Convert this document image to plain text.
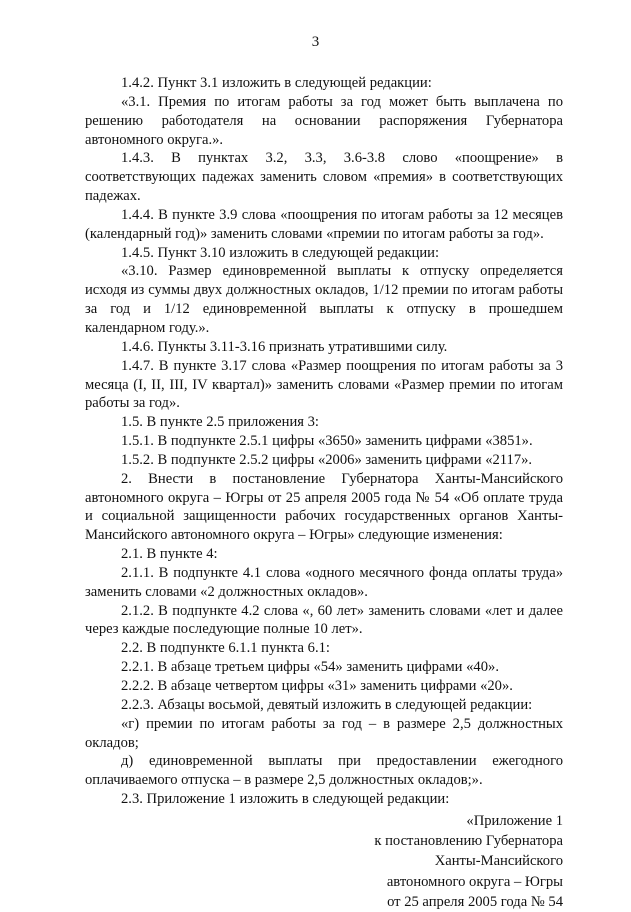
3

1.4.2. Пункт 3.1 изложить в следующей редакции:

«3.1. Премия по итогам работы за год может быть выплачена по решению работодателя на основании распоряжения Губернатора автономного округа.».

1.4.3. В пунктах 3.2, 3.3, 3.6-3.8 слово «поощрение» в соответствующих падежах заменить словом «премия» в соответствующих падежах.

1.4.4. В пункте 3.9 слова «поощрения по итогам работы за 12 месяцев (календарный год)» заменить словами «премии по итогам работы за год».

1.4.5. Пункт 3.10 изложить в следующей редакции:

«3.10. Размер единовременной выплаты к отпуску определяется исходя из суммы двух должностных окладов, 1/12 премии по итогам работы за год и 1/12 единовременной выплаты к отпуску в прошедшем календарном году.».

1.4.6. Пункты 3.11-3.16 признать утратившими силу.

1.4.7. В пункте 3.17 слова «Размер поощрения по итогам работы за 3 месяца (I, II, III, IV квартал)» заменить словами «Размер премии по итогам работы за год».

1.5. В пункте 2.5 приложения 3:

1.5.1. В подпункте 2.5.1 цифры «3650» заменить цифрами «3851».

1.5.2. В подпункте 2.5.2 цифры «2006» заменить цифрами «2117».

2. Внести в постановление Губернатора Ханты-Мансийского автономного округа – Югры от 25 апреля 2005 года № 54 «Об оплате труда и социальной защищенности рабочих государственных органов Ханты-Мансийского автономного округа – Югры» следующие изменения:

2.1. В пункте 4:

2.1.1. В подпункте 4.1 слова «одного месячного фонда оплаты труда» заменить словами «2 должностных окладов».

2.1.2. В подпункте 4.2 слова «, 60 лет» заменить словами «лет и далее через каждые последующие полные 10 лет».

2.2. В подпункте 6.1.1 пункта 6.1:

2.2.1. В абзаце третьем цифры «54» заменить цифрами «40».

2.2.2. В абзаце четвертом цифры «31» заменить цифрами «20».

2.2.3. Абзацы восьмой, девятый изложить в следующей редакции:

«г) премии по итогам работы за год – в размере 2,5 должностных окладов;

д) единовременной выплаты при предоставлении ежегодного оплачиваемого отпуска – в размере 2,5 должностных окладов;».

2.3. Приложение 1 изложить в следующей редакции:

«Приложение 1
к постановлению Губернатора
Ханты-Мансийского
автономного округа – Югры
от 25 апреля 2005 года № 54
